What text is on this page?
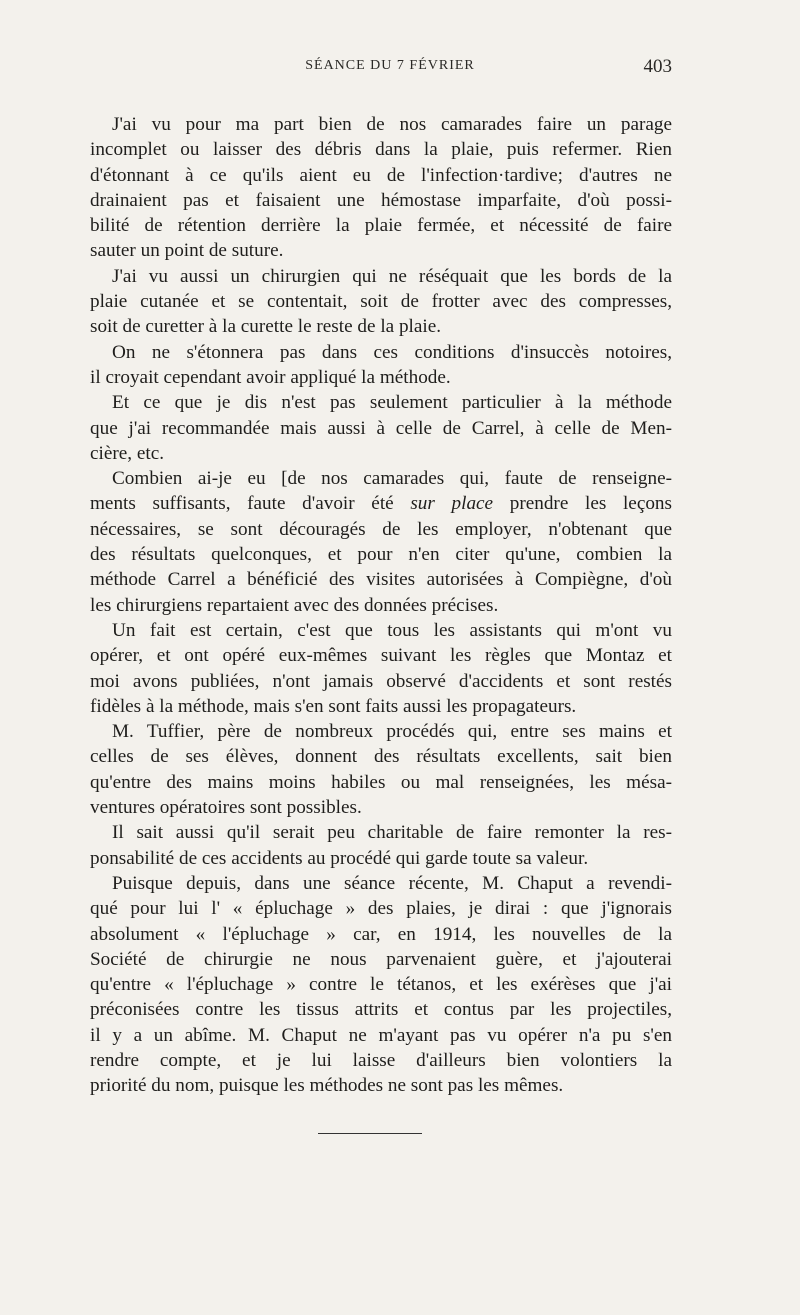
SÉANCE DU 7 FÉVRIER	403
J'ai vu pour ma part bien de nos camarades faire un parage
incomplet ou laisser des débris dans la plaie, puis refermer. Rien
d'étonnant à ce qu'ils aient eu de l'infection·tardive; d'autres ne
drainaient pas et faisaient une hémostase imparfaite, d'où possi-
bilité de rétention derrière la plaie fermée, et nécessité de faire
sauter un point de suture.
J'ai vu aussi un chirurgien qui ne réséquait que les bords de la
plaie cutanée et se contentait, soit de frotter avec des compresses,
soit de curetter à la curette le reste de la plaie.
On ne s'étonnera pas dans ces conditions d'insuccès notoires,
il croyait cependant avoir appliqué la méthode.
Et ce que je dis n'est pas seulement particulier à la méthode
que j'ai recommandée mais aussi à celle de Carrel, à celle de Men-
cière, etc.
Combien ai-je eu [de nos camarades qui, faute de renseigne-
ments suffisants, faute d'avoir été sur place prendre les leçons
nécessaires, se sont découragés de les employer, n'obtenant que
des résultats quelconques, et pour n'en citer qu'une, combien la
méthode Carrel a bénéficié des visites autorisées à Compiègne, d'où
les chirurgiens repartaient avec des données précises.
Un fait est certain, c'est que tous les assistants qui m'ont vu
opérer, et ont opéré eux-mêmes suivant les règles que Montaz et
moi avons publiées, n'ont jamais observé d'accidents et sont restés
fidèles à la méthode, mais s'en sont faits aussi les propagateurs.
M. Tuffier, père de nombreux procédés qui, entre ses mains et
celles de ses élèves, donnent des résultats excellents, sait bien
qu'entre des mains moins habiles ou mal renseignées, les mésa-
ventures opératoires sont possibles.
Il sait aussi qu'il serait peu charitable de faire remonter la res-
ponsabilité de ces accidents au procédé qui garde toute sa valeur.
Puisque depuis, dans une séance récente, M. Chaput a revendi-
qué pour lui l' « épluchage » des plaies, je dirai : que j'ignorais
absolument « l'épluchage » car, en 1914, les nouvelles de la
Société de chirurgie ne nous parvenaient guère, et j'ajouterai
qu'entre « l'épluchage » contre le tétanos, et les exérèses que j'ai
préconisées contre les tissus attrits et contus par les projectiles,
il y a un abîme. M. Chaput ne m'ayant pas vu opérer n'a pu s'en
rendre compte, et je lui laisse d'ailleurs bien volontiers la
priorité du nom, puisque les méthodes ne sont pas les mêmes.
